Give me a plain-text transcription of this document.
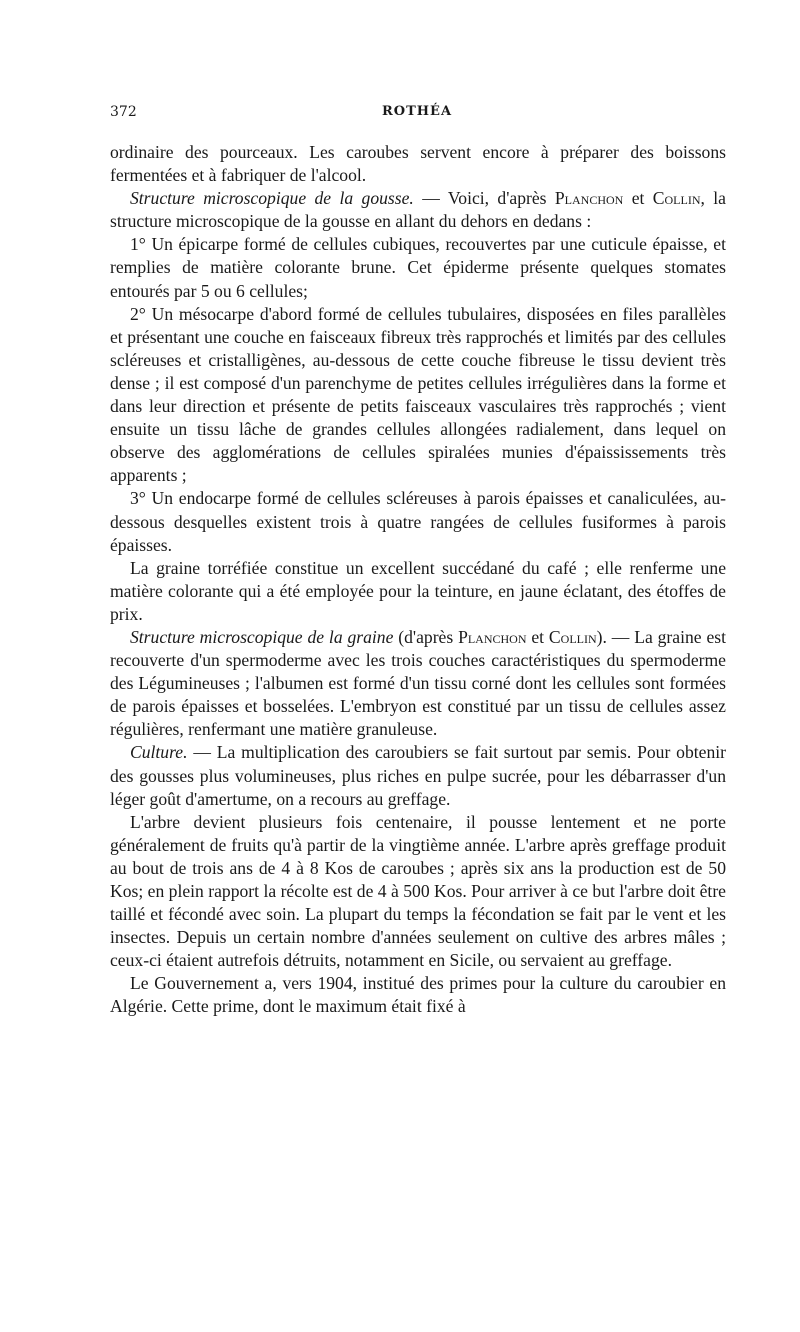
372	ROTHÉA

ordinaire des pourceaux. Les caroubes servent encore à préparer des boissons fermentées et à fabriquer de l'alcool.

Structure microscopique de la gousse. — Voici, d'après Planchon et Collin, la structure microscopique de la gousse en allant du dehors en dedans :

1° Un épicarpe formé de cellules cubiques, recouvertes par une cuticule épaisse, et remplies de matière colorante brune. Cet épiderme présente quelques stomates entourés par 5 ou 6 cellules;

2° Un mésocarpe d'abord formé de cellules tubulaires, disposées en files parallèles et présentant une couche en faisceaux fibreux très rapprochés et limités par des cellules scléreuses et cristalligènes, au-dessous de cette couche fibreuse le tissu devient très dense ; il est composé d'un parenchyme de petites cellules irrégulières dans la forme et dans leur direction et présente de petits faisceaux vasculaires très rapprochés ; vient ensuite un tissu lâche de grandes cellules allongées radialement, dans lequel on observe des agglomérations de cellules spiralées munies d'épaississements très apparents ;

3° Un endocarpe formé de cellules scléreuses à parois épaisses et canaliculées, au-dessous desquelles existent trois à quatre rangées de cellules fusiformes à parois épaisses.

La graine torréfiée constitue un excellent succédané du café ; elle renferme une matière colorante qui a été employée pour la teinture, en jaune éclatant, des étoffes de prix.

Structure microscopique de la graine (d'après Planchon et Collin). — La graine est recouverte d'un spermoderme avec les trois couches caractéristiques du spermoderme des Légumineuses ; l'albumen est formé d'un tissu corné dont les cellules sont formées de parois épaisses et bosselées. L'embryon est constitué par un tissu de cellules assez régulières, renfermant une matière granuleuse.

Culture. — La multiplication des caroubiers se fait surtout par semis. Pour obtenir des gousses plus volumineuses, plus riches en pulpe sucrée, pour les débarrasser d'un léger goût d'amertume, on a recours au greffage.

L'arbre devient plusieurs fois centenaire, il pousse lentement et ne porte généralement de fruits qu'à partir de la vingtième année. L'arbre après greffage produit au bout de trois ans de 4 à 8 Kos de caroubes ; après six ans la production est de 50 Kos; en plein rapport la récolte est de 4 à 500 Kos. Pour arriver à ce but l'arbre doit être taillé et fécondé avec soin. La plupart du temps la fécondation se fait par le vent et les insectes. Depuis un certain nombre d'années seulement on cultive des arbres mâles ; ceux-ci étaient autrefois détruits, notamment en Sicile, ou servaient au greffage.

Le Gouvernement a, vers 1904, institué des primes pour la culture du caroubier en Algérie. Cette prime, dont le maximum était fixé à
